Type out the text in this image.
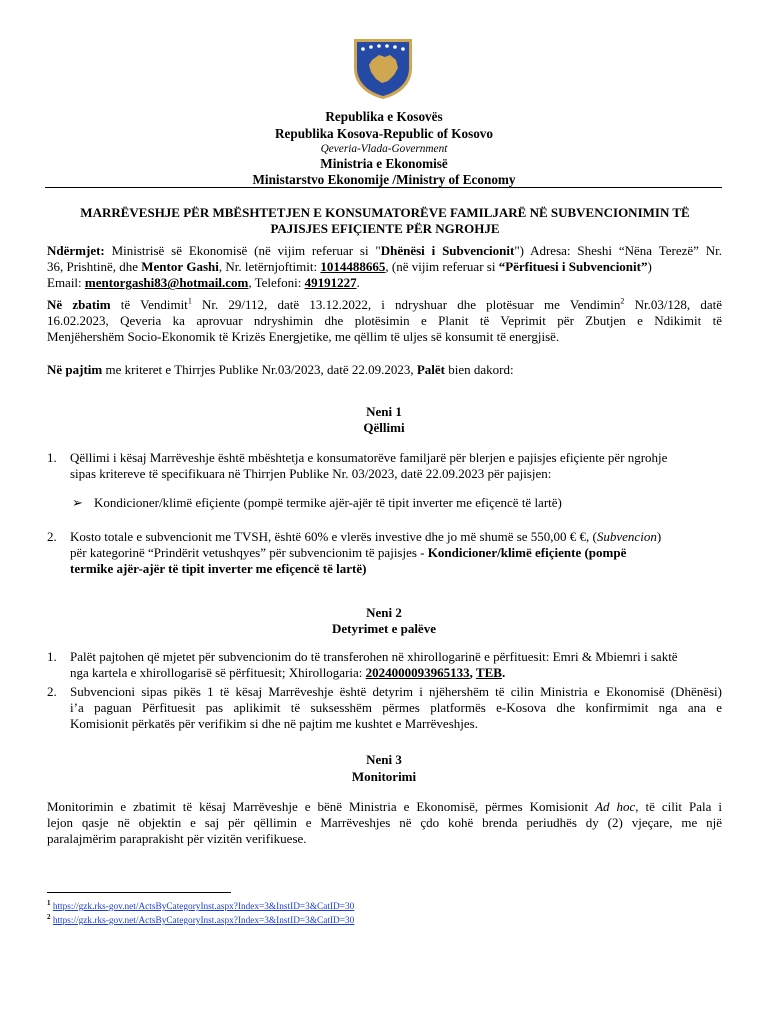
Republika e Kosovës
Republika Kosova-Republic of Kosovo
Qeveria-Vlada-Government
Ministria e Ekonomisë
Ministarstvo Ekonomije /Ministry of Economy
MARRËVESHJE PËR MBËSHTETJEN E KONSUMATORËVE FAMILJARË NË SUBVENCIONIMIN TË
PAJISJES EFIÇIENTE PËR NGROHJE
Ndërmjet: Ministrisë së Ekonomisë (në vijim referuar si "Dhënësi i Subvencionit") Adresa: Sheshi “Nëna Terezë” Nr.
36, Prishtinë, dhe Mentor Gashi, Nr. letërnjoftimit: 1014488665, (në vijim referuar si “Përfituesi i Subvencionit”)
Email: mentorgashi83@hotmail.com, Telefoni: 49191227.
Në zbatim të Vendimit$^1$ Nr. 29/112, datë 13.12.2022, i ndryshuar dhe plotësuar me Vendimin$^2$ Nr.03/128, datë
16.02.2023, Qeveria ka aprovuar ndryshimin dhe plotësimin e Planit të Veprimit për Zbutjen e Ndikimit të
Menjëhershëm Socio-Ekonomik të Krizës Energjetike, me qëllim të uljes së konsumit të energjisë.
Në pajtim me kriteret e Thirrjes Publike Nr.03/2023, datë 22.09.2023, Palët bien dakord:
Neni 1
Qëllimi
1. Qëllimi i kësaj Marrëveshje është mbështetja e konsumatorëve familjarë për blerjen e pajisjes efiçiente për ngrohje
sipas kritereve të specifikuara në Thirrjen Publike Nr. 03/2023, datë 22.09.2023 për pajisjen:
➢ Kondicioner/klimë efiçiente (pompë termike ajër-ajër të tipit inverter me efiçencë të lartë)
2. Kosto totale e subvencionit me TVSH, është 60% e vlerës investive dhe jo më shumë se 550,00 € €, (Subvencion)
për kategorinë “Prindërit vetushqyes” për subvencionim të pajisjes - Kondicioner/klimë efiçiente (pompë
termike ajër-ajër të tipit inverter me efiçencë të lartë)
Neni 2
Detyrimet e palëve
1. Palët pajtohen që mjetet për subvencionim do të transferohen në xhirollogarinë e përfituesit: Emri & Mbiemri i saktë
nga kartela e xhirollogarisë së përfituesit; Xhirollogaria: 2024000093965133, TEB.
2. Subvencioni sipas pikës 1 të kësaj Marrëveshje është detyrim i njëhershëm të cilin Ministria e Ekonomisë (Dhënësi)
i’a paguan Përfituesit pas aplikimit të suksesshëm përmes platformës e-Kosova dhe konfirmimit nga ana e
Komisionit përkatës për verifikim si dhe në pajtim me kushtet e Marrëveshjes.
Neni 3
Monitorimi
Monitorimin e zbatimit të kësaj Marrëveshje e bënë Ministria e Ekonomisë, përmes Komisionit Ad hoc, të cilit Pala i
lejon qasje në objektin e saj për qëllimin e Marrëveshjes në çdo kohë brenda periudhës dy (2) vjeçare, me një
paralajmërim paraprakisht për vizitën verifikuese.
$^1$ https://gzk.rks-gov.net/ActsByCategoryInst.aspx?Index=3&InstID=3&CatID=30
$^2$ https://gzk.rks-gov.net/ActsByCategoryInst.aspx?Index=3&InstID=3&CatID=30
